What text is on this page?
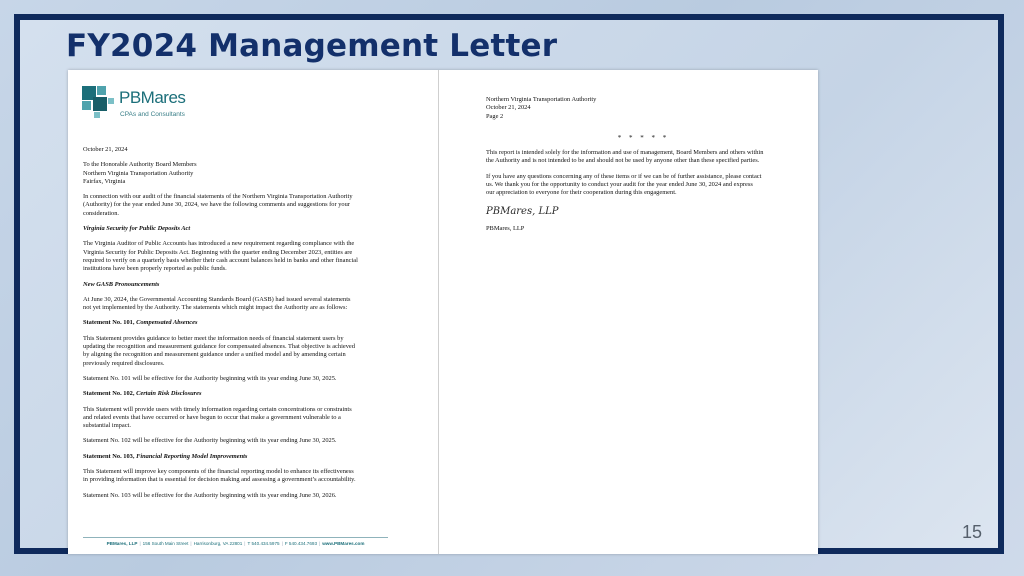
FY2024 Management Letter
PBMares
CPAs and Consultants
October 21, 2024
To the Honorable Authority Board Members
Northern Virginia Transportation Authority
Fairfax, Virginia
In connection with our audit of the financial statements of the Northern Virginia Transportation Authority
(Authority) for the year ended June 30, 2024, we have the following comments and suggestions for your
consideration.
Virginia Security for Public Deposits Act
The Virginia Auditor of Public Accounts has introduced a new requirement regarding compliance with the
Virginia Security for Public Deposits Act. Beginning with the quarter ending December 2023, entities are
required to verify on a quarterly basis whether their cash account balances held in banks and other financial
institutions have been properly reported as public funds.
New GASB Pronouncements
At June 30, 2024, the Governmental Accounting Standards Board (GASB) had issued several statements
not yet implemented by the Authority. The statements which might impact the Authority are as follows:
Statement No. 101, Compensated Absences
This Statement provides guidance to better meet the information needs of financial statement users by
updating the recognition and measurement guidance for compensated absences. That objective is achieved
by aligning the recognition and measurement guidance under a unified model and by amending certain
previously required disclosures.
Statement No. 101 will be effective for the Authority beginning with its year ending June 30, 2025.
Statement No. 102, Certain Risk Disclosures
This Statement will provide users with timely information regarding certain concentrations or constraints
and related events that have occurred or have begun to occur that make a government vulnerable to a
substantial impact.
Statement No. 102 will be effective for the Authority beginning with its year ending June 30, 2025.
Statement No. 103, Financial Reporting Model Improvements
This Statement will improve key components of the financial reporting model to enhance its effectiveness
in providing information that is essential for decision making and assessing a government’s accountability.
Statement No. 103 will be effective for the Authority beginning with its year ending June 30, 2026.
PBMares, LLP | 156 South Main Street | Harrisonburg, VA 22801 | T 540.434.5975 | F 540.434.7693 | www.PBMares.com
Northern Virginia Transportation Authority
October 21, 2024
Page 2
* * * * *
This report is intended solely for the information and use of management, Board Members and others within
the Authority and is not intended to be and should not be used by anyone other than these specified parties.
If you have any questions concerning any of these items or if we can be of further assistance, please contact
us. We thank you for the opportunity to conduct your audit for the year ended June 30, 2024 and express
our appreciation to everyone for their cooperation during this engagement.
PBMares, LLP
PBMares, LLP
15
